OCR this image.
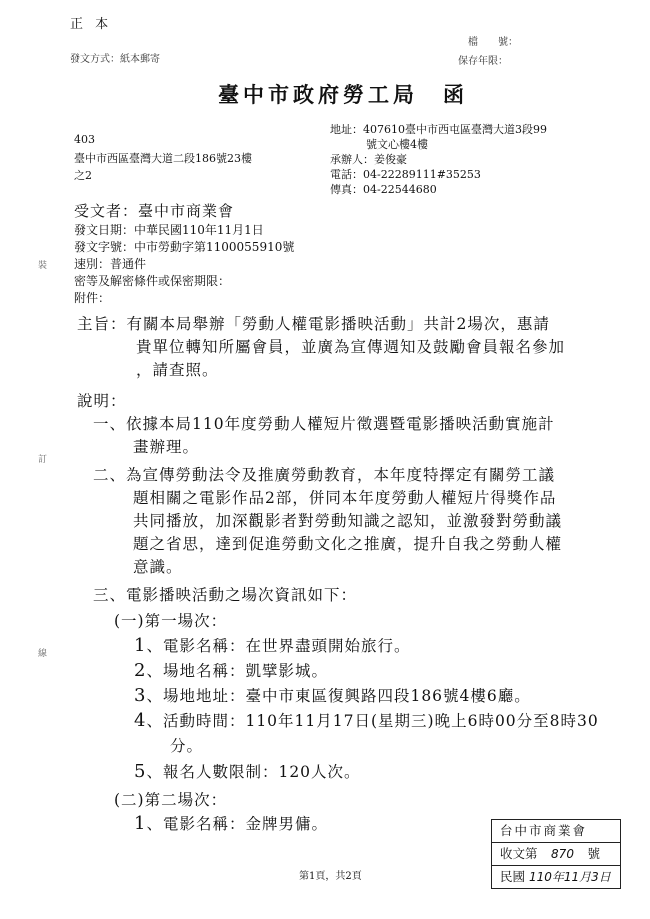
正 本
發文方式：紙本郵寄
檔　　號：
保存年限：
臺中市政府勞工局　函
403
臺中市西區臺灣大道二段186號23樓
之2
地址：407610臺中市西屯區臺灣大道3段99
號文心樓4樓
承辦人：姜俊豪
電話：04-22289111#35253
傳真：04-22544680
受文者：臺中市商業會
發文日期：中華民國110年11月1日
發文字號：中市勞動字第1100055910號
速別：普通件
密等及解密條件或保密期限：
附件：
主旨：有關本局舉辦「勞動人權電影播映活動」共計2場次，惠請
貴單位轉知所屬會員，並廣為宣傳週知及鼓勵會員報名參加
，請查照。
說明：
一、依據本局110年度勞動人權短片徵選暨電影播映活動實施計
畫辦理。
二、為宣傳勞動法令及推廣勞動教育，本年度特擇定有關勞工議
題相關之電影作品2部，併同本年度勞動人權短片得獎作品
共同播放，加深觀影者對勞動知識之認知，並激發對勞動議
題之省思，達到促進勞動文化之推廣，提升自我之勞動人權
意識。
三、電影播映活動之場次資訊如下：
(一)第一場次：
1、電影名稱：在世界盡頭開始旅行。
2、場地名稱：凱擘影城。
3、場地地址：臺中市東區復興路四段186號4樓6廳。
4、活動時間：110年11月17日(星期三)晚上6時00分至8時30
分。
5、報名人數限制：120人次。
(二)第二場次：
1、電影名稱：金牌男傭。
裝
訂
線
第1頁，共2頁
台中市商業會
收文第 870 號
民國 110年11月3日
